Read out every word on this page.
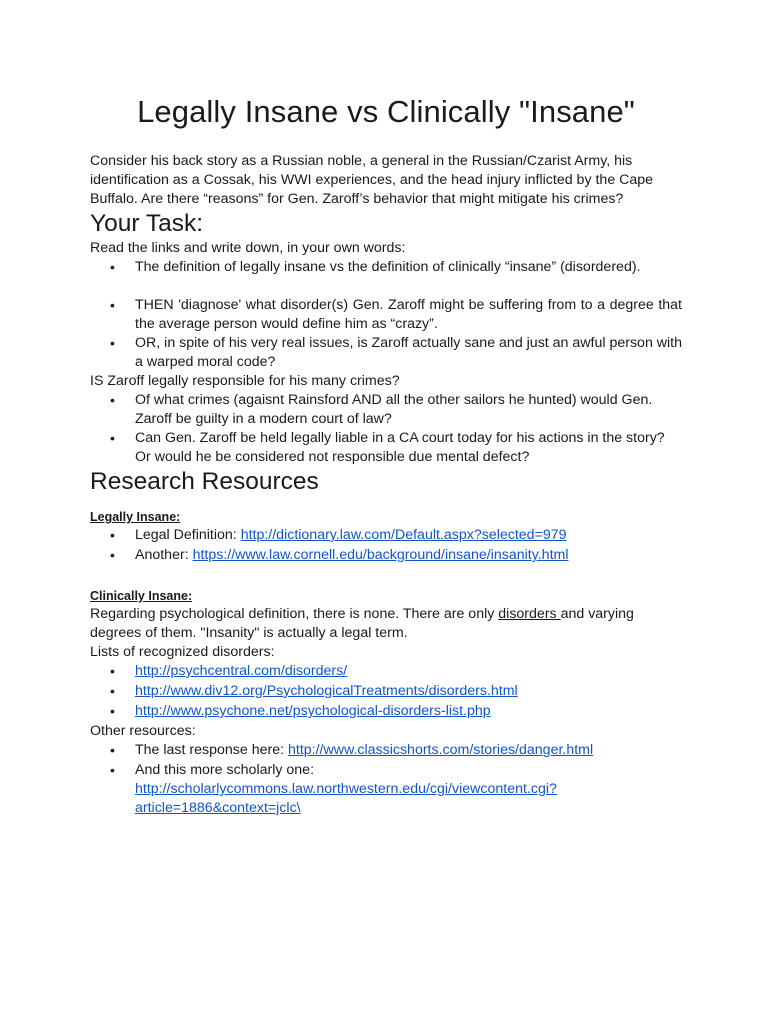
Legally Insane vs Clinically "Insane"

Consider his back story as a Russian noble, a general in the Russian/Czarist Army, his identification as a Cossak, his WWI experiences, and the head injury inflicted by the Cape Buffalo. Are there “reasons” for Gen. Zaroff’s behavior that might mitigate his crimes?

Your Task:

Read the links and write down, in your own words:

• The definition of legally insane vs the definition of clinically “insane” (disordered).
• THEN 'diagnose' what disorder(s) Gen. Zaroff might be suffering from to a degree that the average person would define him as “crazy”.
• OR, in spite of his very real issues, is Zaroff actually sane and just an awful person with a warped moral code?

IS Zaroff legally responsible for his many crimes?

• Of what crimes (agaisnt Rainsford AND all the other sailors he hunted) would Gen. Zaroff be guilty in a modern court of law?
• Can Gen. Zaroff be held legally liable in a CA court today for his actions in the story? Or would he be considered not responsible due mental defect?
Research Resources

Legally Insane:

• Legal Definition: http://dictionary.law.com/Default.aspx?selected=979
• Another: https://www.law.cornell.edu/background/insane/insanity.html

Clinically Insane:

Regarding psychological definition, there is none. There are only disorders and varying degrees of them. "Insanity" is actually a legal term.

Lists of recognized disorders:

• http://psychcentral.com/disorders/
• http://www.div12.org/PsychologicalTreatments/disorders.html
• http://www.psychone.net/psychological-disorders-list.php

Other resources:

• The last response here: http://www.classicshorts.com/stories/danger.html
• And this more scholarly one:
http://scholarlycommons.law.northwestern.edu/cgi/viewcontent.cgi?
article=1886&context=jclc\
